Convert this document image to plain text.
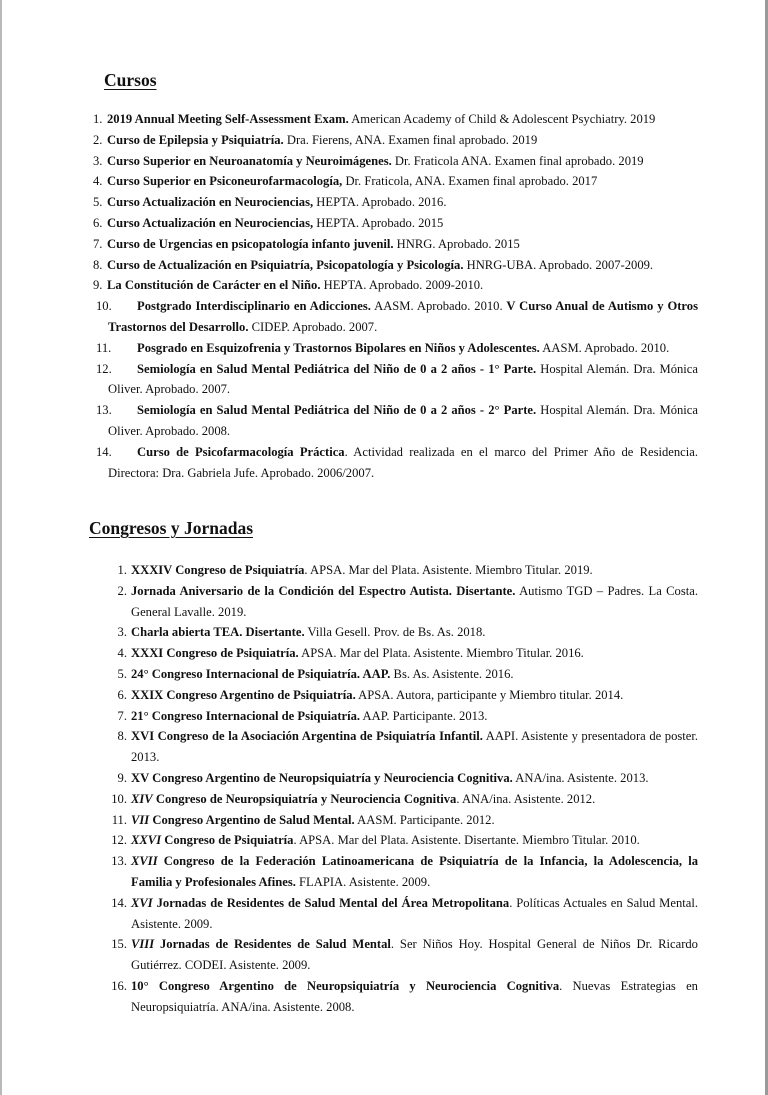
Cursos
1. 2019 Annual Meeting Self-Assessment Exam. American Academy of Child & Adolescent Psychiatry. 2019
2. Curso de Epilepsia y Psiquiatría. Dra. Fierens, ANA. Examen final aprobado. 2019
3. Curso Superior en Neuroanatomía y Neuroimágenes. Dr. Fraticola ANA. Examen final aprobado. 2019
4. Curso Superior en Psiconeurofarmacología, Dr. Fraticola, ANA. Examen final aprobado. 2017
5. Curso Actualización en Neurociencias, HEPTA. Aprobado. 2016.
6. Curso Actualización en Neurociencias, HEPTA. Aprobado. 2015
7. Curso de Urgencias en psicopatología infanto juvenil. HNRG. Aprobado. 2015
8. Curso de Actualización en Psiquiatría, Psicopatología y Psicología. HNRG-UBA. Aprobado. 2007-2009.
9. La Constitución de Carácter en el Niño. HEPTA. Aprobado. 2009-2010.
10. Postgrado Interdisciplinario en Adicciones. AASM. Aprobado. 2010. V Curso Anual de Autismo y Otros Trastornos del Desarrollo. CIDEP. Aprobado. 2007.
11. Posgrado en Esquizofrenia y Trastornos Bipolares en Niños y Adolescentes. AASM. Aprobado. 2010.
12. Semiología en Salud Mental Pediátrica del Niño de 0 a 2 años - 1° Parte. Hospital Alemán. Dra. Mónica Oliver. Aprobado. 2007.
13. Semiología en Salud Mental Pediátrica del Niño de 0 a 2 años - 2° Parte. Hospital Alemán. Dra. Mónica Oliver. Aprobado. 2008.
14. Curso de Psicofarmacología Práctica. Actividad realizada en el marco del Primer Año de Residencia. Directora: Dra. Gabriela Jufe. Aprobado. 2006/2007.
Congresos y Jornadas
1. XXXIV Congreso de Psiquiatría. APSA. Mar del Plata. Asistente. Miembro Titular. 2019.
2. Jornada Aniversario de la Condición del Espectro Autista. Disertante. Autismo TGD – Padres. La Costa. General Lavalle. 2019.
3. Charla abierta TEA. Disertante. Villa Gesell. Prov. de Bs. As. 2018.
4. XXXI Congreso de Psiquiatría. APSA. Mar del Plata. Asistente. Miembro Titular. 2016.
5. 24° Congreso Internacional de Psiquiatría. AAP. Bs. As. Asistente. 2016.
6. XXIX Congreso Argentino de Psiquiatría. APSA. Autora, participante y Miembro titular. 2014.
7. 21° Congreso Internacional de Psiquiatría. AAP. Participante. 2013.
8. XVI Congreso de la Asociación Argentina de Psiquiatría Infantil. AAPI. Asistente y presentadora de poster. 2013.
9. XV Congreso Argentino de Neuropsiquiatría y Neurociencia Cognitiva. ANA/ina. Asistente. 2013.
10. XIV Congreso de Neuropsiquiatría y Neurociencia Cognitiva. ANA/ina. Asistente. 2012.
11. VII Congreso Argentino de Salud Mental. AASM. Participante. 2012.
12. XXVI Congreso de Psiquiatría. APSA. Mar del Plata. Asistente. Disertante. Miembro Titular. 2010.
13. XVII Congreso de la Federación Latinoamericana de Psiquiatría de la Infancia, la Adolescencia, la Familia y Profesionales Afines. FLAPIA. Asistente. 2009.
14. XVI Jornadas de Residentes de Salud Mental del Área Metropolitana. Políticas Actuales en Salud Mental. Asistente. 2009.
15. VIII Jornadas de Residentes de Salud Mental. Ser Niños Hoy. Hospital General de Niños Dr. Ricardo Gutiérrez. CODEI. Asistente. 2009.
16. 10° Congreso Argentino de Neuropsiquiatría y Neurociencia Cognitiva. Nuevas Estrategias en Neuropsiquiatría. ANA/ina. Asistente. 2008.
